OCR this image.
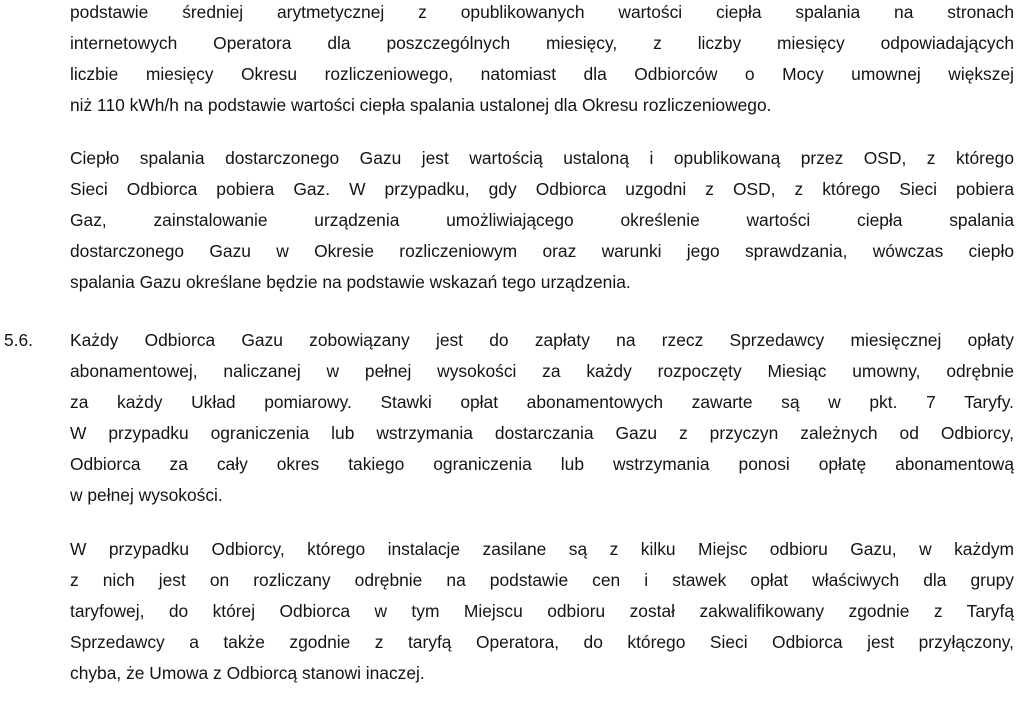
podstawie średniej arytmetycznej z opublikowanych wartości ciepła spalania na stronach
internetowych Operatora dla poszczególnych miesięcy, z liczby miesięcy odpowiadających
liczbie miesięcy Okresu rozliczeniowego, natomiast dla Odbiorców o Mocy umownej większej
niż 110 kWh/h na podstawie wartości ciepła spalania ustalonej dla Okresu rozliczeniowego.
Ciepło spalania dostarczonego Gazu jest wartością ustaloną i opublikowaną przez OSD, z którego
Sieci Odbiorca pobiera Gaz. W przypadku, gdy Odbiorca uzgodni z OSD, z którego Sieci pobiera
Gaz, zainstalowanie urządzenia umożliwiającego określenie wartości ciepła spalania
dostarczonego Gazu w Okresie rozliczeniowym oraz warunki jego sprawdzania, wówczas ciepło
spalania Gazu określane będzie na podstawie wskazań tego urządzenia.
5.6. Każdy Odbiorca Gazu zobowiązany jest do zapłaty na rzecz Sprzedawcy miesięcznej opłaty
abonamentowej, naliczanej w pełnej wysokości za każdy rozpoczęty Miesiąc umowny, odrębnie
za każdy Układ pomiarowy. Stawki opłat abonamentowych zawarte są w pkt. 7 Taryfy.
W przypadku ograniczenia lub wstrzymania dostarczania Gazu z przyczyn zależnych od Odbiorcy,
Odbiorca za cały okres takiego ograniczenia lub wstrzymania ponosi opłatę abonamentową
w pełnej wysokości.
W przypadku Odbiorcy, którego instalacje zasilane są z kilku Miejsc odbioru Gazu, w każdym
z nich jest on rozliczany odrębnie na podstawie cen i stawek opłat właściwych dla grupy
taryfowej, do której Odbiorca w tym Miejscu odbioru został zakwalifikowany zgodnie z Taryfą
Sprzedawcy a także zgodnie z taryfą Operatora, do którego Sieci Odbiorca jest przyłączony,
chyba, że Umowa z Odbiorcą stanowi inaczej.
